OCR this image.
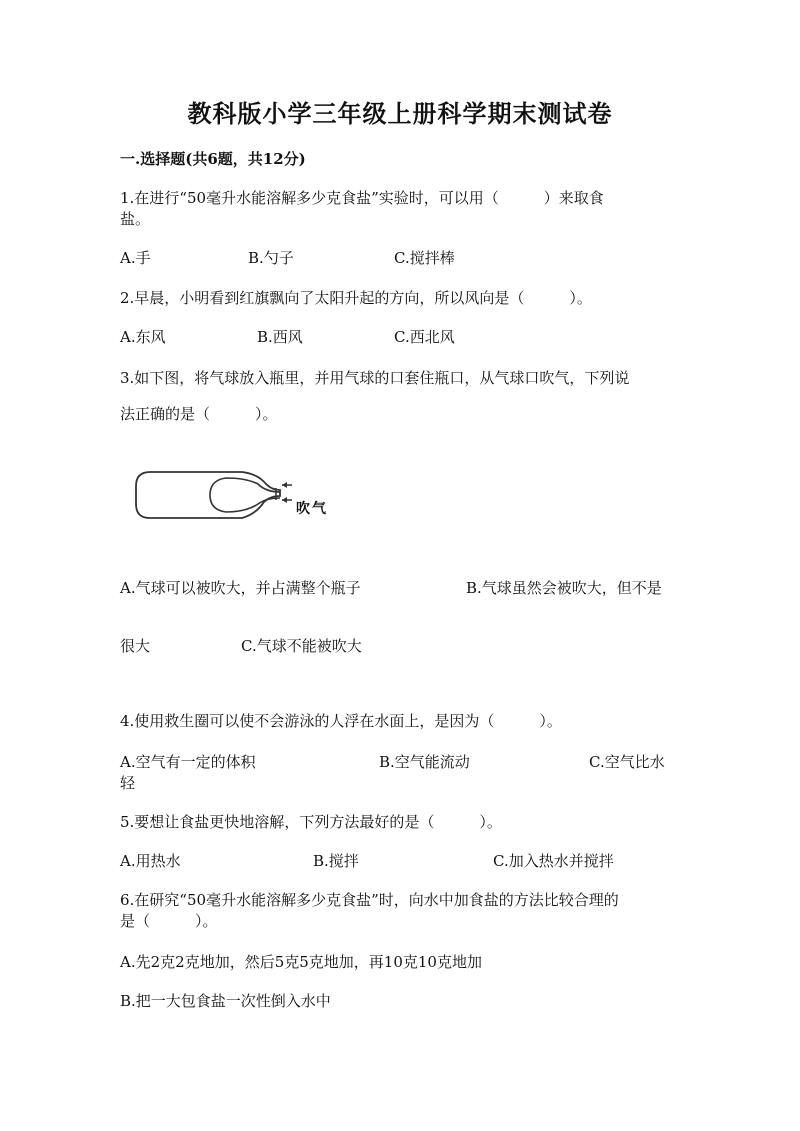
教科版小学三年级上册科学期末测试卷
一.选择题(共6题，共12分)
1.在进行“50毫升水能溶解多少克食盐”实验时，可以用（　　　）来取食
盐。
A.手	B.勺子	C.搅拌棒
2.早晨，小明看到红旗飘向了太阳升起的方向，所以风向是（　　　）。
A.东风	B.西风	C.西北风
3.如下图，将气球放入瓶里，并用气球的口套住瓶口，从气球口吹气，下列说
法正确的是（　　　）。
吹气
A.气球可以被吹大，并占满整个瓶子	B.气球虽然会被吹大，但不是
很大	C.气球不能被吹大
4.使用救生圈可以使不会游泳的人浮在水面上，是因为（　　　）。
A.空气有一定的体积	B.空气能流动	C.空气比水
轻
5.要想让食盐更快地溶解，下列方法最好的是（　　　）。
A.用热水	B.搅拌	C.加入热水并搅拌
6.在研究“50毫升水能溶解多少克食盐”时，向水中加食盐的方法比较合理的
是（　　　）。
A.先2克2克地加，然后5克5克地加，再10克10克地加
B.把一大包食盐一次性倒入水中
